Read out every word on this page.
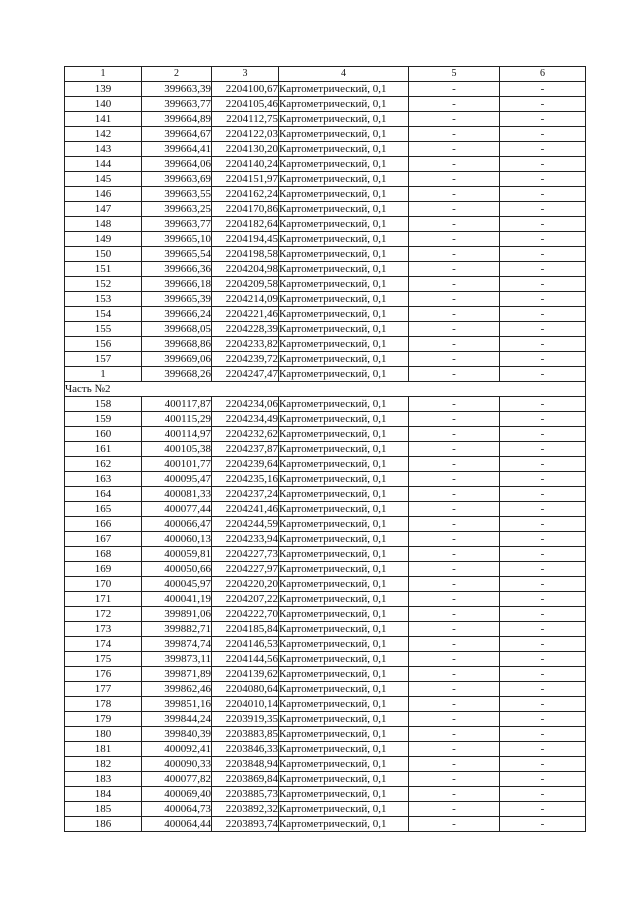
1	2	3	4	5	6
139	399663,39	2204100,67	Картометрический, 0,1	-	-
140	399663,77	2204105,46	Картометрический, 0,1	-	-
141	399664,89	2204112,75	Картометрический, 0,1	-	-
142	399664,67	2204122,03	Картометрический, 0,1	-	-
143	399664,41	2204130,20	Картометрический, 0,1	-	-
144	399664,06	2204140,24	Картометрический, 0,1	-	-
145	399663,69	2204151,97	Картометрический, 0,1	-	-
146	399663,55	2204162,24	Картометрический, 0,1	-	-
147	399663,25	2204170,86	Картометрический, 0,1	-	-
148	399663,77	2204182,64	Картометрический, 0,1	-	-
149	399665,10	2204194,45	Картометрический, 0,1	-	-
150	399665,54	2204198,58	Картометрический, 0,1	-	-
151	399666,36	2204204,98	Картометрический, 0,1	-	-
152	399666,18	2204209,58	Картометрический, 0,1	-	-
153	399665,39	2204214,09	Картометрический, 0,1	-	-
154	399666,24	2204221,46	Картометрический, 0,1	-	-
155	399668,05	2204228,39	Картометрический, 0,1	-	-
156	399668,86	2204233,82	Картометрический, 0,1	-	-
157	399669,06	2204239,72	Картометрический, 0,1	-	-
1	399668,26	2204247,47	Картометрический, 0,1	-	-
Часть №2					
158	400117,87	2204234,06	Картометрический, 0,1	-	-
159	400115,29	2204234,49	Картометрический, 0,1	-	-
160	400114,97	2204232,62	Картометрический, 0,1	-	-
161	400105,38	2204237,87	Картометрический, 0,1	-	-
162	400101,77	2204239,64	Картометрический, 0,1	-	-
163	400095,47	2204235,16	Картометрический, 0,1	-	-
164	400081,33	2204237,24	Картометрический, 0,1	-	-
165	400077,44	2204241,46	Картометрический, 0,1	-	-
166	400066,47	2204244,59	Картометрический, 0,1	-	-
167	400060,13	2204233,94	Картометрический, 0,1	-	-
168	400059,81	2204227,73	Картометрический, 0,1	-	-
169	400050,66	2204227,97	Картометрический, 0,1	-	-
170	400045,97	2204220,20	Картометрический, 0,1	-	-
171	400041,19	2204207,22	Картометрический, 0,1	-	-
172	399891,06	2204222,70	Картометрический, 0,1	-	-
173	399882,71	2204185,84	Картометрический, 0,1	-	-
174	399874,74	2204146,53	Картометрический, 0,1	-	-
175	399873,11	2204144,56	Картометрический, 0,1	-	-
176	399871,89	2204139,62	Картометрический, 0,1	-	-
177	399862,46	2204080,64	Картометрический, 0,1	-	-
178	399851,16	2204010,14	Картометрический, 0,1	-	-
179	399844,24	2203919,35	Картометрический, 0,1	-	-
180	399840,39	2203883,85	Картометрический, 0,1	-	-
181	400092,41	2203846,33	Картометрический, 0,1	-	-
182	400090,33	2203848,94	Картометрический, 0,1	-	-
183	400077,82	2203869,84	Картометрический, 0,1	-	-
184	400069,40	2203885,73	Картометрический, 0,1	-	-
185	400064,73	2203892,32	Картометрический, 0,1	-	-
186	400064,44	2203893,74	Картометрический, 0,1	-	-
